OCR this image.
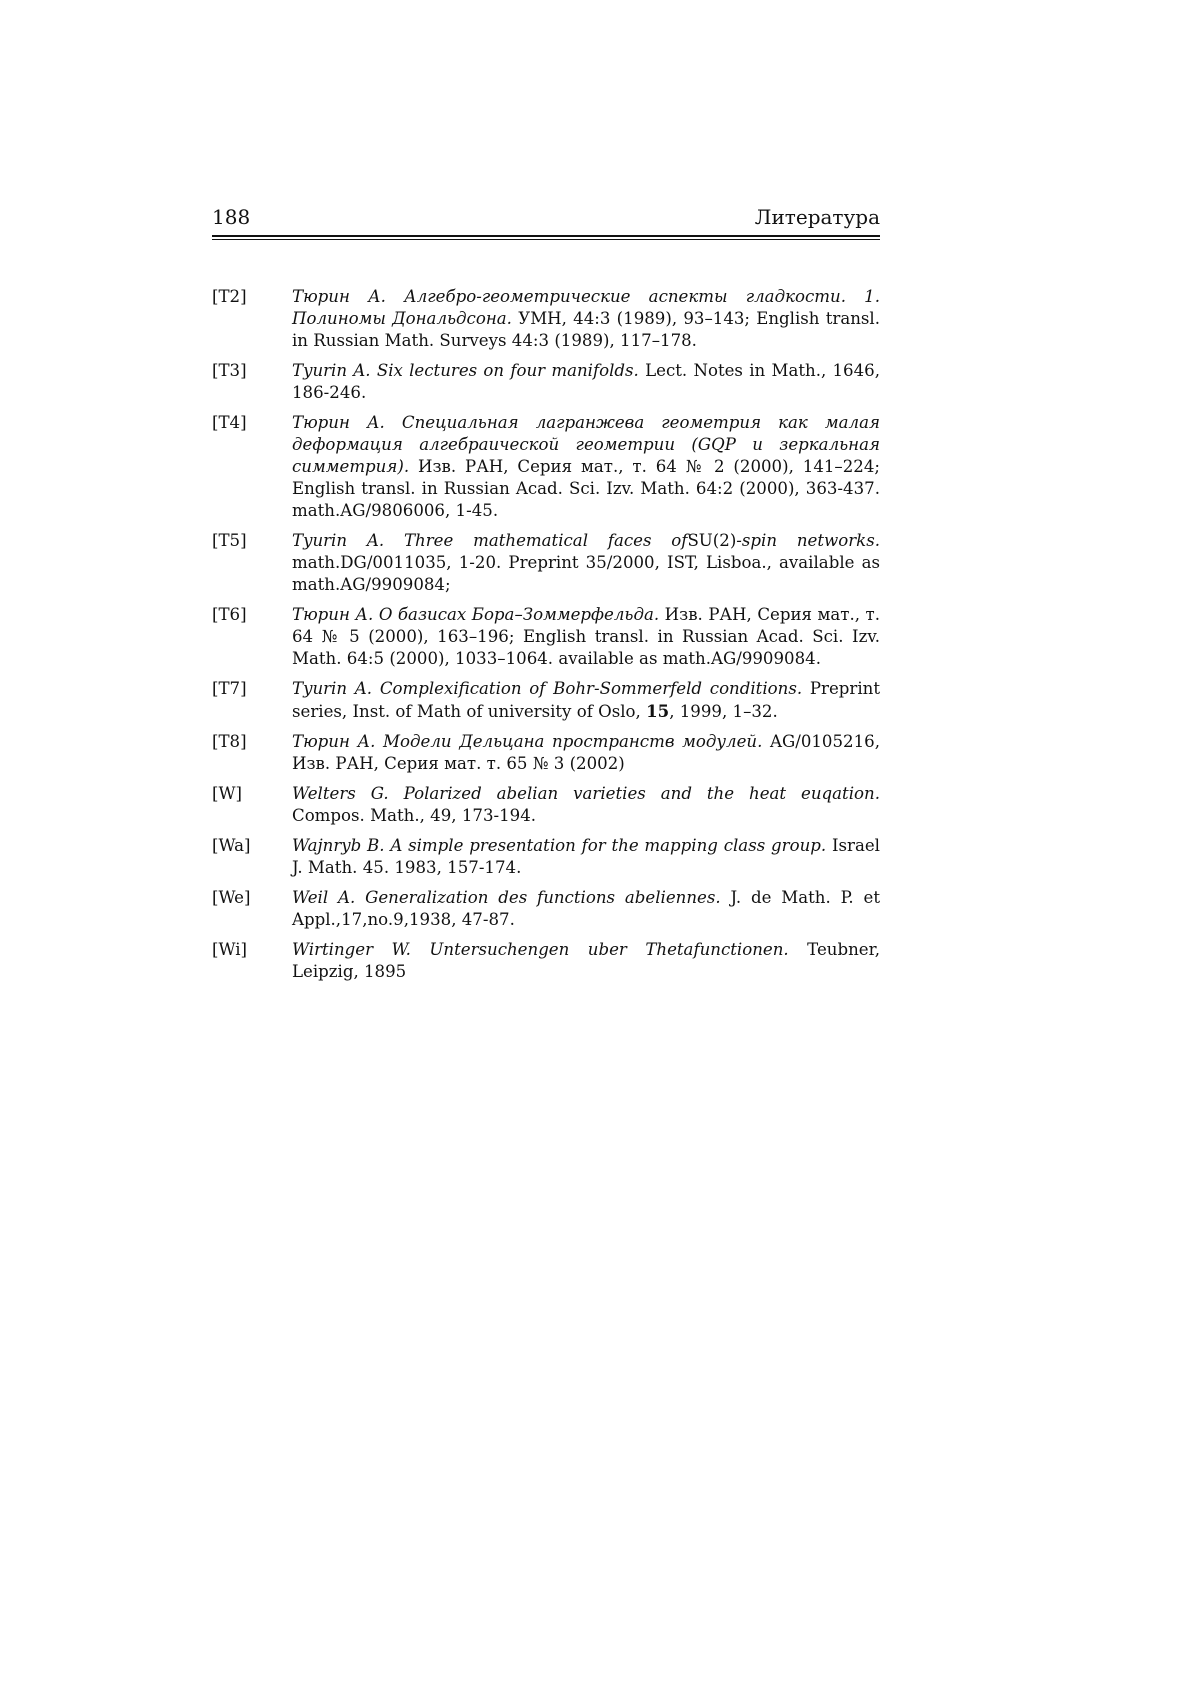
188	Литература
[T2]	Тюрин А. Алгебро-геометрические аспекты гладкости. 1. Полиномы Дональдсона. УМН, 44:3 (1989), 93–143; English transl. in Russian Math. Surveys 44:3 (1989), 117–178.
[T3]	Tyurin A. Six lectures on four manifolds. Lect. Notes in Math., 1646, 186-246.
[T4]	Тюрин А. Специальная лагранжева геометрия как малая деформация алгебраической геометрии (GQP и зеркальная симметрия). Изв. РАН, Серия мат., т. 64 № 2 (2000), 141–224; English transl. in Russian Acad. Sci. Izv. Math. 64:2 (2000), 363-437. math.AG/9806006, 1-45.
[T5]	Tyurin A. Three mathematical faces ofSU(2)-spin networks. math.DG/0011035, 1-20. Preprint 35/2000, IST, Lisboa., available as math.AG/9909084;
[T6]	Тюрин А. О базисах Бора–Зоммерфельда. Изв. РАН, Серия мат., т. 64 № 5 (2000), 163–196; English transl. in Russian Acad. Sci. Izv. Math. 64:5 (2000), 1033–1064. available as math.AG/9909084.
[T7]	Tyurin A. Complexification of Bohr-Sommerfeld conditions. Preprint series, Inst. of Math of university of Oslo, 15, 1999, 1–32.
[T8]	Тюрин А. Модели Дельцана пространств модулей. AG/0105216, Изв. РАН, Серия мат. т. 65 № 3 (2002)
[W]	Welters G. Polarized abelian varieties and the heat euqation. Compos. Math., 49, 173-194.
[Wa]	Wajnryb B. A simple presentation for the mapping class group. Israel J. Math. 45. 1983, 157-174.
[We]	Weil A. Generalization des functions abeliennes. J. de Math. P. et Appl.,17,no.9,1938, 47-87.
[Wi]	Wirtinger W. Untersuchengen uber Thetafunctionen. Teubner, Leipzig, 1895
